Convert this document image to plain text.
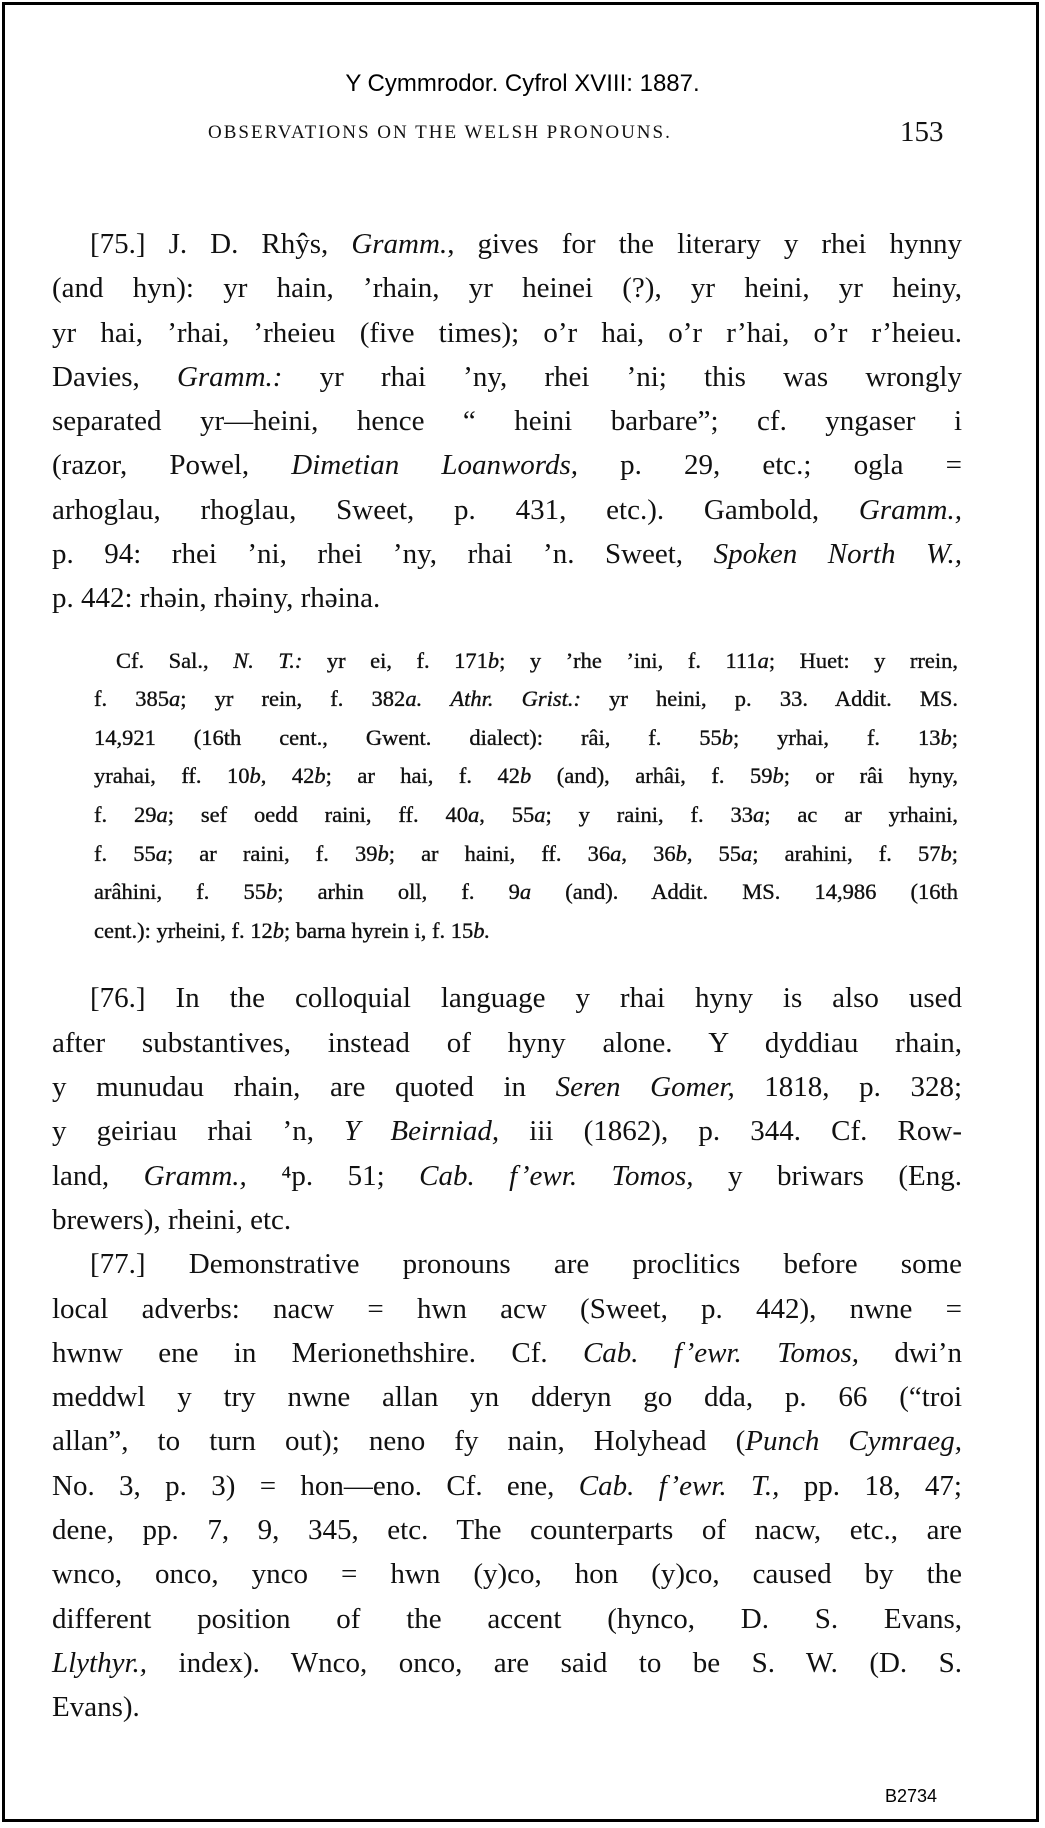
Y Cymmrodor. Cyfrol XVIII: 1887.
OBSERVATIONS ON THE WELSH PRONOUNS.	153
[75.] J. D. Rhŷs, Gramm., gives for the literary y rhei hynny
(and hyn): yr hain, ’rhain, yr heinei (?), yr heini, yr heiny,
yr hai, ’rhai, ’rheieu (five times); o’r hai, o’r r’hai, o’r r’heieu.
Davies, Gramm.: yr rhai ’ny, rhei ’ni; this was wrongly
separated yr—heini, hence “ heini barbare”; cf. yngaser i
(razor, Powel, Dimetian Loanwords, p. 29, etc.; ogla =
arhoglau, rhoglau, Sweet, p. 431, etc.). Gambold, Gramm.,
p. 94: rhei ’ni, rhei ’ny, rhai ’n. Sweet, Spoken North W.,
p. 442: rhəin, rhəiny, rhəina.
Cf. Sal., N. T.: yr ei, f. 171b; y ’rhe ’ini, f. 111a; Huet: y rrein,
f. 385a; yr rein, f. 382a. Athr. Grist.: yr heini, p. 33. Addit. MS.
14,921 (16th cent., Gwent. dialect): râi, f. 55b; yrhai, f. 13b;
yrahai, ff. 10b, 42b; ar hai, f. 42b (and), arhâi, f. 59b; or râi hyny,
f. 29a; sef oedd raini, ff. 40a, 55a; y raini, f. 33a; ac ar yrhaini,
f. 55a; ar raini, f. 39b; ar haini, ff. 36a, 36b, 55a; arahini, f. 57b;
arâhini, f. 55b; arhin oll, f. 9a (and). Addit. MS. 14,986 (16th
cent.): yrheini, f. 12b; barna hyrein i, f. 15b.
[76.] In the colloquial language y rhai hyny is also used
after substantives, instead of hyny alone. Y dyddiau rhain,
y munudau rhain, are quoted in Seren Gomer, 1818, p. 328;
y geiriau rhai ’n, Y Beirniad, iii (1862), p. 344. Cf. Row-
land, Gramm., ⁴p. 51; Cab. f’ewr. Tomos, y briwars (Eng.
brewers), rheini, etc.
[77.] Demonstrative pronouns are proclitics before some
local adverbs: nacw = hwn acw (Sweet, p. 442), nwne =
hwnw ene in Merionethshire. Cf. Cab. f’ewr. Tomos, dwi’n
meddwl y try nwne allan yn dderyn go dda, p. 66 (“troi
allan”, to turn out); neno fy nain, Holyhead (Punch Cymraeg,
No. 3, p. 3) = hon—eno. Cf. ene, Cab. f’ewr. T., pp. 18, 47;
dene, pp. 7, 9, 345, etc. The counterparts of nacw, etc., are
wnco, onco, ynco = hwn (y)co, hon (y)co, caused by the
different position of the accent (hynco, D. S. Evans,
Llythyr., index). Wnco, onco, are said to be S. W. (D. S.
Evans).
B2734
